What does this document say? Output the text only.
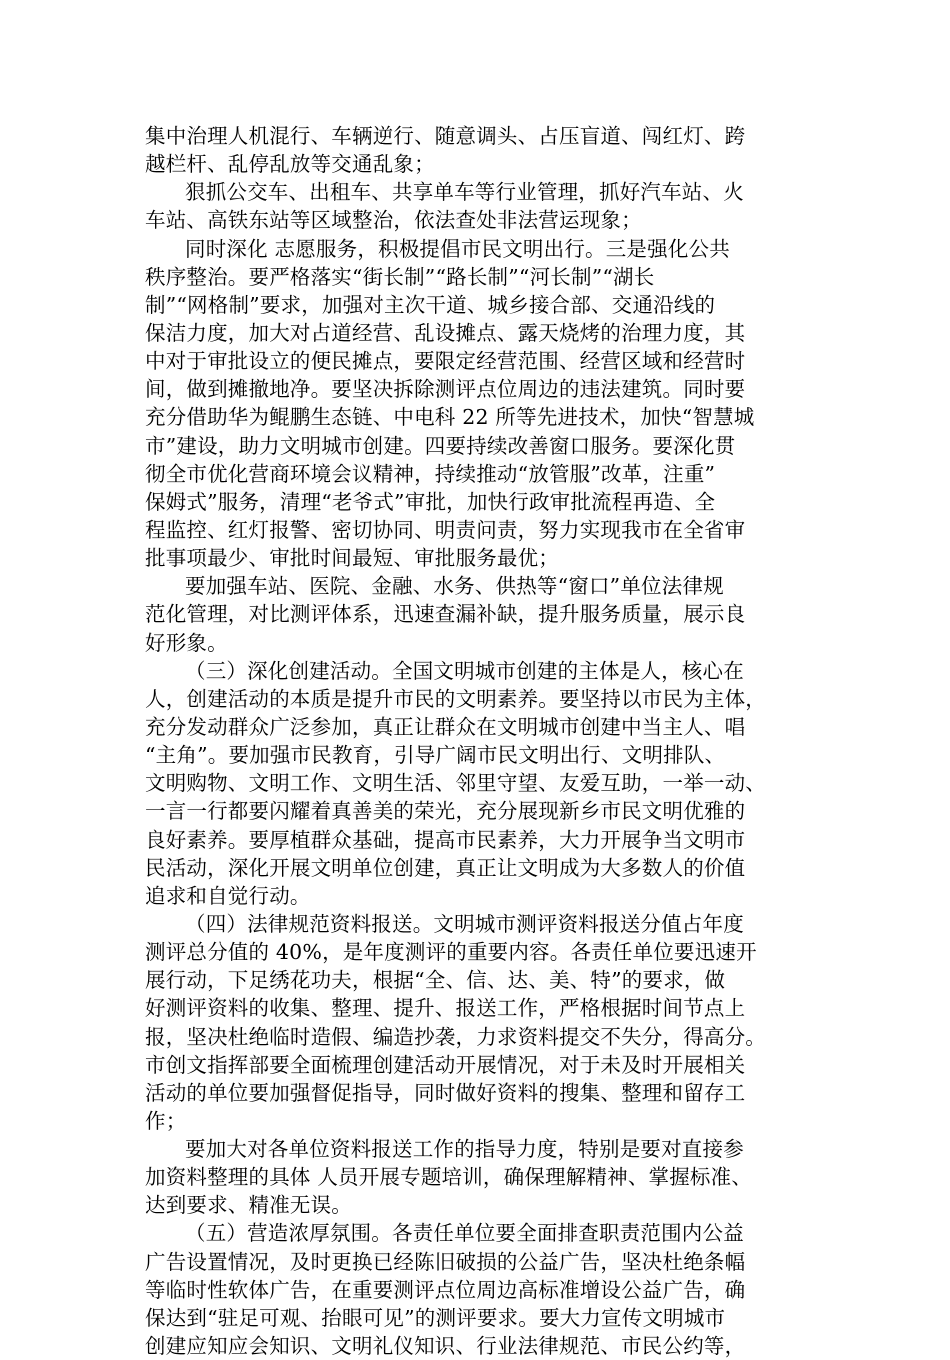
集中治理人机混行、车辆逆行、随意调头、占压盲道、闯红灯、跨
越栏杆、乱停乱放等交通乱象；
狠抓公交车、出租车、共享单车等行业管理，抓好汽车站、火
车站、高铁东站等区域整治，依法查处非法营运现象；
同时深化 志愿服务，积极提倡市民文明出行。三是强化公共
秩序整治。要严格落实“街长制”“路长制”“河长制”“湖长
制”“网格制”要求，加强对主次干道、城乡接合部、交通沿线的
保洁力度，加大对占道经营、乱设摊点、露天烧烤的治理力度，其
中对于审批设立的便民摊点，要限定经营范围、经营区域和经营时
间，做到摊撤地净。要坚决拆除测评点位周边的违法建筑。同时要
充分借助华为鲲鹏生态链、中电科 22 所等先进技术，加快“智慧城
市”建设，助力文明城市创建。四要持续改善窗口服务。要深化贯
彻全市优化营商环境会议精神，持续推动“放管服”改革，注重”
保姆式”服务，清理“老爷式”审批，加快行政审批流程再造、全
程监控、红灯报警、密切协同、明责问责，努力实现我市在全省审
批事项最少、审批时间最短、审批服务最优；
要加强车站、医院、金融、水务、供热等“窗口”单位法律规
范化管理，对比测评体系，迅速查漏补缺，提升服务质量，展示良
好形象。
（三）深化创建活动。全国文明城市创建的主体是人，核心在
人，创建活动的本质是提升市民的文明素养。要坚持以市民为主体，
充分发动群众广泛参加，真正让群众在文明城市创建中当主人、唱
“主角”。要加强市民教育，引导广阔市民文明出行、文明排队、
文明购物、文明工作、文明生活、邻里守望、友爱互助，一举一动、
一言一行都要闪耀着真善美的荣光，充分展现新乡市民文明优雅的
良好素养。要厚植群众基础，提高市民素养，大力开展争当文明市
民活动，深化开展文明单位创建，真正让文明成为大多数人的价值
追求和自觉行动。
（四）法律规范资料报送。文明城市测评资料报送分值占年度
测评总分值的 40%，是年度测评的重要内容。各责任单位要迅速开
展行动，下足绣花功夫，根据“全、信、达、美、特”的要求，做
好测评资料的收集、整理、提升、报送工作，严格根据时间节点上
报，坚决杜绝临时造假、编造抄袭，力求资料提交不失分，得高分。
市创文指挥部要全面梳理创建活动开展情况，对于未及时开展相关
活动的单位要加强督促指导，同时做好资料的搜集、整理和留存工
作；
要加大对各单位资料报送工作的指导力度，特别是要对直接参
加资料整理的具体 人员开展专题培训，确保理解精神、掌握标准、
达到要求、精准无误。
（五）营造浓厚氛围。各责任单位要全面排查职责范围内公益
广告设置情况，及时更换已经陈旧破损的公益广告，坚决杜绝条幅
等临时性软体广告，在重要测评点位周边高标准增设公益广告，确
保达到“驻足可观、抬眼可见”的测评要求。要大力宣传文明城市
创建应知应会知识、文明礼仪知识、行业法律规范、市民公约等，
